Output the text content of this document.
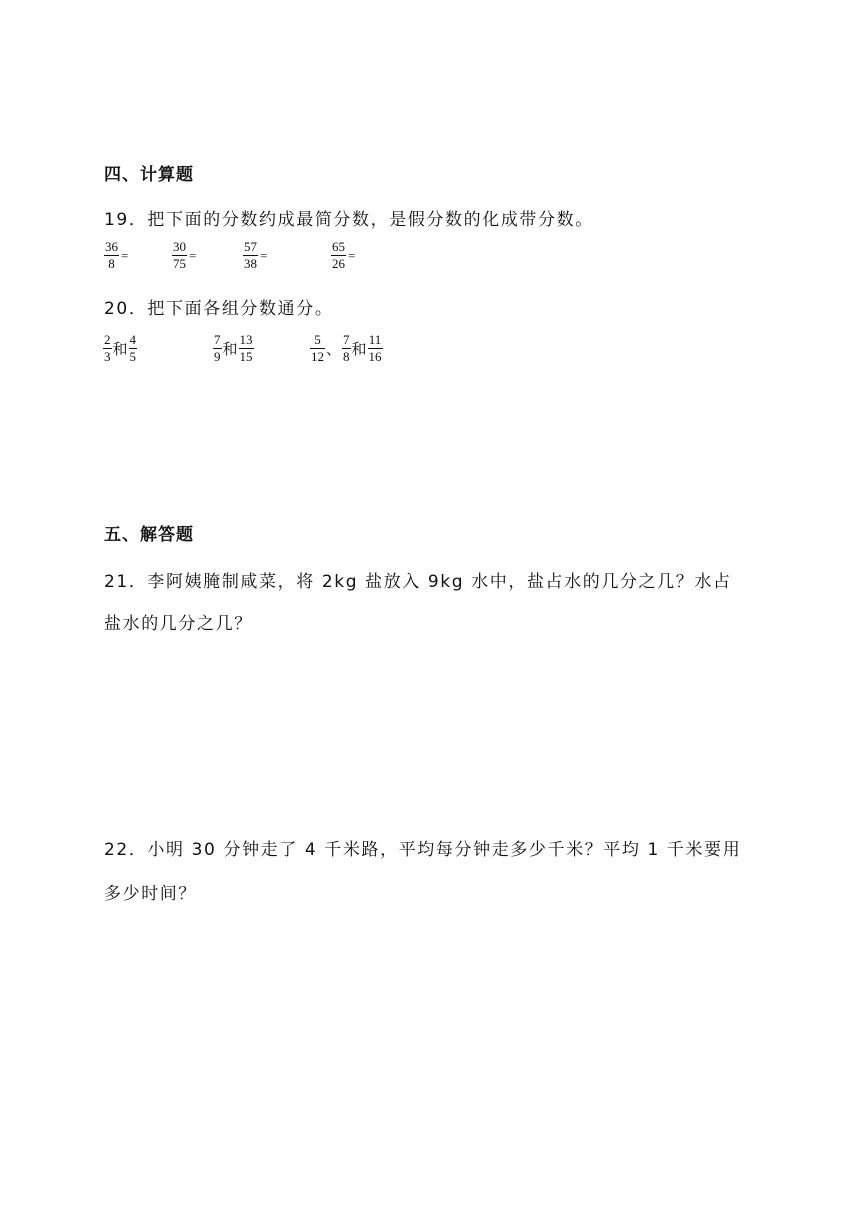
四、计算题
19．把下面的分数约成最简分数，是假分数的化成带分数。
$\frac{36}{8}$ =	$\frac{30}{75}$ =	$\frac{57}{38}$ =	$\frac{65}{26}$ =
20．把下面各组分数通分。
$\frac{2}{3}$ 和 $\frac{4}{5}$	$\frac{7}{9}$ 和 $\frac{13}{15}$	$\frac{5}{12}$ 、 $\frac{7}{8}$ 和 $\frac{11}{16}$
五、解答题
21．李阿姨腌制咸菜，将 2kg 盐放入 9kg 水中，盐占水的几分之几？水占
盐水的几分之几？
22．小明 30 分钟走了 4 千米路，平均每分钟走多少千米？平均 1 千米要用
多少时间？
